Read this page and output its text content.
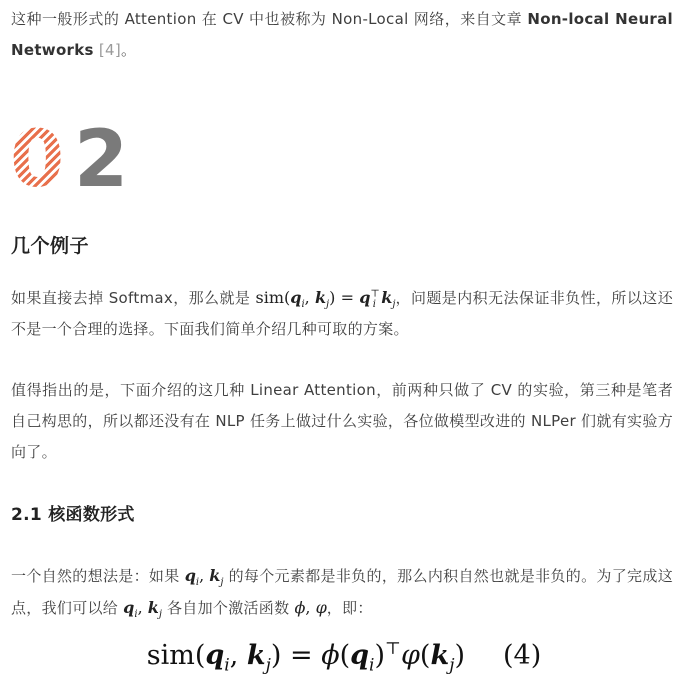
这种一般形式的 Attention 在 CV 中也被称为 Non-Local 网络，来自文章 Non-local Neural Networks [4]。

0 2
几个例子

如果直接去掉 Softmax，那么就是 $sim(q_i$, $k_j) = q^⊤_i$ $k_j$，问题是内积无法保证非负性，所以这还不是一个合理的选择。下面我们简单介绍几种可取的方案。

值得指出的是，下面介绍的这几种 Linear Attention，前两种只做了 CV 的实验，第三种是笔者自己构思的，所以都还没有在 NLP 任务上做过什么实验，各位做模型改进的 NLPer 们就有实验方向了。

2.1 核函数形式

一个自然的想法是：如果 $q_i$, $k_j$ 的每个元素都是非负的，那么内积自然也就是非负的。为了完成这点，我们可以给 $q_i$, $k_j$ 各自加个激活函数 ϕ, φ，即：

$sim(q_i$, $k_j) = \phi(q_i)^⊤\varphi(k_j)$ (4)
